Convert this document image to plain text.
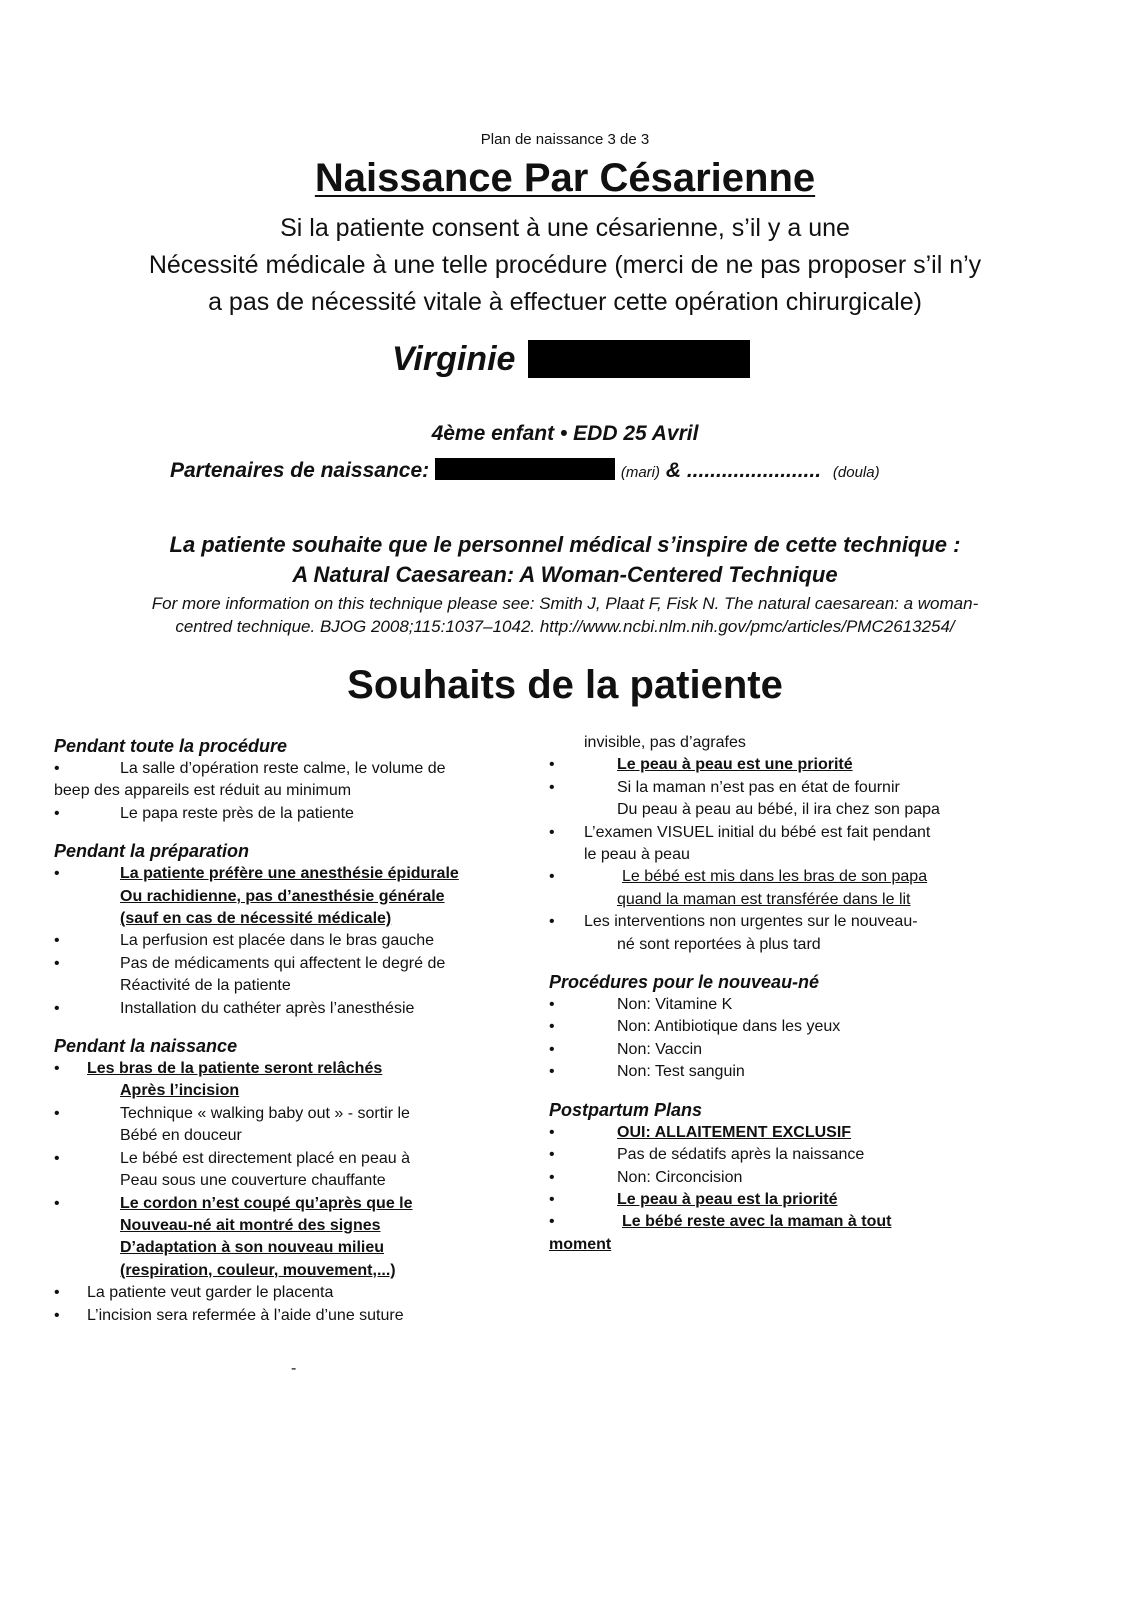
Plan de naissance 3 de 3
Naissance Par Césarienne
Si la patiente consent à une césarienne, s’il y a une
Nécessité médicale à une telle procédure (merci de ne pas proposer s’il n’y
a pas de nécessité vitale à effectuer cette opération chirurgicale)
Virginie
4ème enfant • EDD 25 Avril
Partenaires de naissance:	(mari) & ....................... (doula)
La patiente souhaite que le personnel médical s’inspire de cette technique :
A Natural Caesarean: A Woman-Centered Technique
For more information on this technique please see: Smith J, Plaat F, Fisk N. The natural caesarean: a woman-
centred technique. BJOG 2008;115:1037–1042. http://www.ncbi.nlm.nih.gov/pmc/articles/PMC2613254/
Souhaits de la patiente
Pendant toute la procédure
•	La salle d’opération reste calme, le volume de
beep des appareils est réduit au minimum
•	Le papa reste près de la patiente
Pendant la préparation
•	La patiente préfère une anesthésie épidurale
Ou rachidienne, pas d’anesthésie générale
(sauf en cas de nécessité médicale)
•	La perfusion est placée dans le bras gauche
•	Pas de médicaments qui affectent le degré de
Réactivité de la patiente
•	Installation du cathéter après l’anesthésie
Pendant la naissance
• Les bras de la patiente seront relâchés
Après l’incision
•	Technique « walking baby out » - sortir le
Bébé en douceur
•	Le bébé est directement placé en peau à
Peau sous une couverture chauffante
•	Le cordon n’est coupé qu’après que le
Nouveau-né ait montré des signes
D’adaptation à son nouveau milieu
(respiration, couleur, mouvement,...)
• La patiente veut garder le placenta
• L’incision sera refermée à l’aide d’une suture
-
invisible, pas d’agrafes
•	Le peau à peau est une priorité
•	Si la maman n’est pas en état de fournir
Du peau à peau au bébé, il ira chez son papa
• L’examen VISUEL initial du bébé est fait pendant
le peau à peau
•	Le bébé est mis dans les bras de son papa
quand la maman est transférée dans le lit
• Les interventions non urgentes sur le nouveau-
né sont reportées à plus tard
Procédures pour le nouveau-né
•	Non: Vitamine K
•	Non: Antibiotique dans les yeux
•	Non: Vaccin
•	Non: Test sanguin
Postpartum Plans
•	OUI: ALLAITEMENT EXCLUSIF
•	Pas de sédatifs après la naissance
•	Non: Circoncision
•	Le peau à peau est la priorité
•	Le bébé reste avec la maman à tout
moment
